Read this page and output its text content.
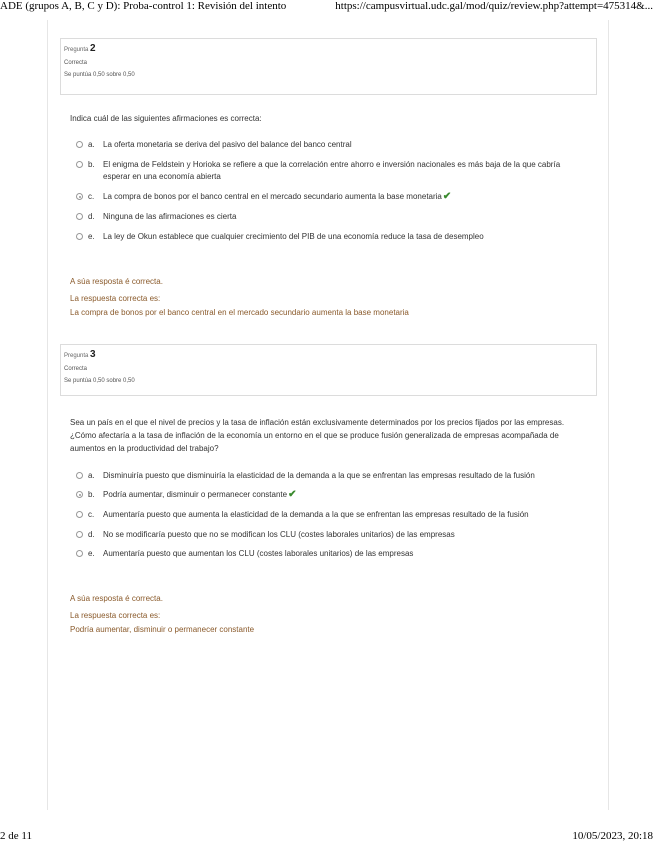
ADE (grupos A, B, C y D): Proba-control 1: Revisión del intento	https://campusvirtual.udc.gal/mod/quiz/review.php?attempt=475314&...
Pregunta 2
Correcta
Se puntúa 0,50 sobre 0,50
Indica cuál de las siguientes afirmaciones es correcta:
a. La oferta monetaria se deriva del pasivo del balance del banco central
b. El enigma de Feldstein y Horioka se refiere a que la correlación entre ahorro e inversión nacionales es más baja de la que cabría esperar en una economía abierta
c. La compra de bonos por el banco central en el mercado secundario aumenta la base monetaria✔
d. Ninguna de las afirmaciones es cierta
e. La ley de Okun establece que cualquier crecimiento del PIB de una economía reduce la tasa de desempleo
A súa resposta é correcta.
La respuesta correcta es:
La compra de bonos por el banco central en el mercado secundario aumenta la base monetaria
Pregunta 3
Correcta
Se puntúa 0,50 sobre 0,50
Sea un país en el que el nivel de precios y la tasa de inflación están exclusivamente determinados por los precios fijados por las empresas. ¿Cómo afectaría a la tasa de inflación de la economía un entorno en el que se produce fusión generalizada de empresas acompañada de aumentos en la productividad del trabajo?
a. Disminuiría puesto que disminuiría la elasticidad de la demanda a la que se enfrentan las empresas resultado de la fusión
b. Podría aumentar, disminuir o permanecer constante✔
c. Aumentaría puesto que aumenta la elasticidad de la demanda a la que se enfrentan las empresas resultado de la fusión
d. No se modificaría puesto que no se modifican los CLU (costes laborales unitarios) de las empresas
e. Aumentaría puesto que aumentan los CLU (costes laborales unitarios) de las empresas
A súa resposta é correcta.
La respuesta correcta es:
Podría aumentar, disminuir o permanecer constante
2 de 11	10/05/2023, 20:18
